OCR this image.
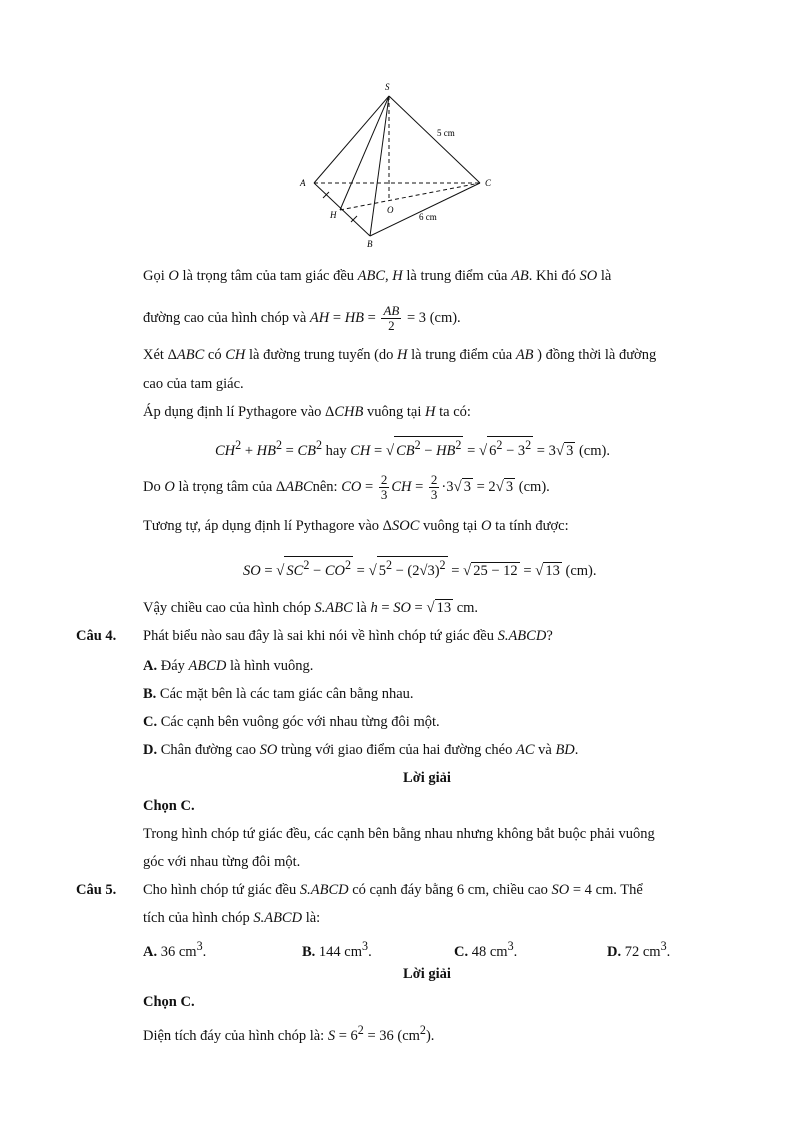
S
A	C
H	O
B
5 cm
6 cm
Gọi O là trọng tâm của tam giác đều ABC, H là trung điểm của AB. Khi đó SO là
đường cao của hình chóp và AH = HB = $\frac{AB}{2} = 3$ (cm).
Xét ΔABC có CH là đường trung tuyến (do H là trung điểm của AB ) đồng thời là đường
cao của tam giác.
Áp dụng định lí Pythagore vào ΔCHB vuông tại H ta có:
$CH^2 + HB^2 = CB^2$ hay CH = √ $CB^2 - HB^2$ = √ $6^2 - 3^2 = 3√$ 3 (cm).
Do O là trọng tâm của ΔABCnên: CO = $\frac{2}{3}$ CH = $\frac{2}{3} \cdot 3√$ 3 = 2√ 3 (cm).
Tương tự, áp dụng định lí Pythagore vào ΔSOC vuông tại O ta tính được:
SO = √ $SC^2 - CO^2$ = √ $5^2 - (2√3)^2$ = √ 25 − 12 = √ 13 (cm).
Vậy chiều cao của hình chóp S.ABC là h = SO = √ 13 cm.
Câu 4. Phát biểu nào sau đây là sai khi nói về hình chóp tứ giác đều S.ABCD?
A. Đáy ABCD là hình vuông.
B. Các mặt bên là các tam giác cân bằng nhau.
C. Các cạnh bên vuông góc với nhau từng đôi một.
D. Chân đường cao SO trùng với giao điểm của hai đường chéo AC và BD.
Lời giải
Chọn C.
Trong hình chóp tứ giác đều, các cạnh bên bằng nhau nhưng không bắt buộc phải vuông
góc với nhau từng đôi một.
Câu 5. Cho hình chóp tứ giác đều S.ABCD có cạnh đáy bằng 6 cm, chiều cao SO = 4 cm. Thể
tích của hình chóp S.ABCD là:
A. 36 $cm^3$.	B. 144 $cm^3$.	C. 48 $cm^3$.	D. 72 $cm^3$.
Lời giải
Chọn C.
Diện tích đáy của hình chóp là: $S = 6^2 = 36$ $(cm^2)$.
